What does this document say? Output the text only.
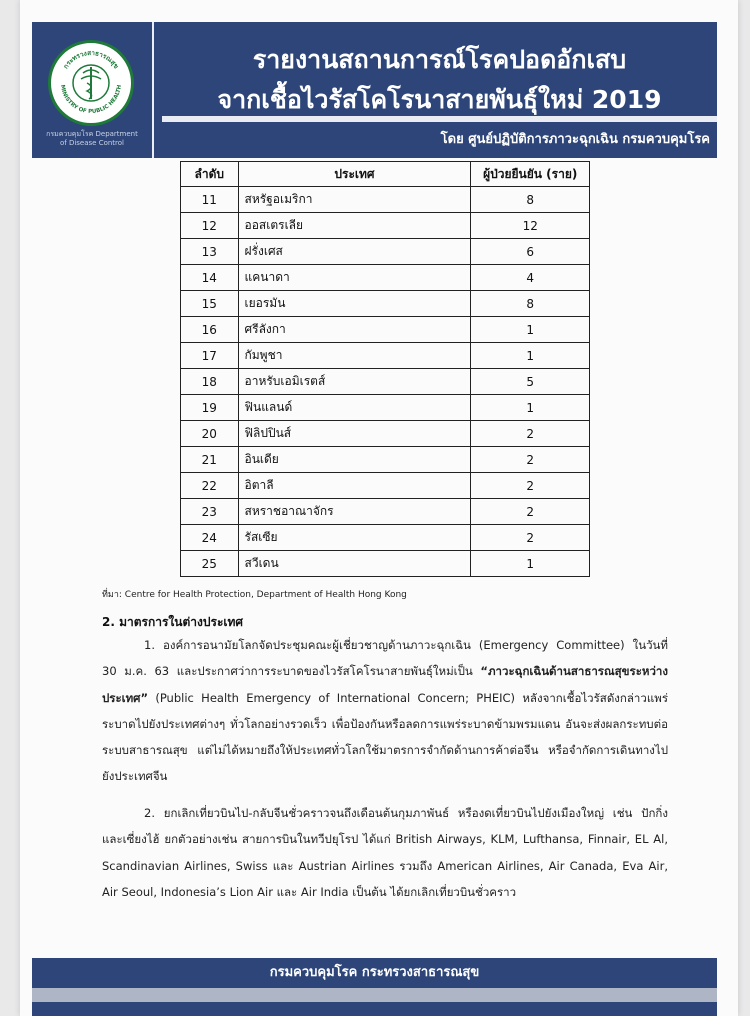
กระทรวงสาธารณสุข
MINISTRY OF PUBLIC HEALTH
กรมควบคุมโรค Department of Disease Control
รายงานสถานการณ์โรคปอดอักเสบ
จากเชื้อไวรัสโคโรนาสายพันธุ์ใหม่ 2019
โดย ศูนย์ปฏิบัติการภาวะฉุกเฉิน กรมควบคุมโรค
ลำดับ	ประเทศ	ผู้ป่วยยืนยัน (ราย)
11	สหรัฐอเมริกา	8
12	ออสเตรเลีย	12
13	ฝรั่งเศส	6
14	แคนาดา	4
15	เยอรมัน	8
16	ศรีลังกา	1
17	กัมพูชา	1
18	อาหรับเอมิเรตส์	5
19	ฟินแลนด์	1
20	ฟิลิปปินส์	2
21	อินเดีย	2
22	อิตาลี	2
23	สหราชอาณาจักร	2
24	รัสเซีย	2
25	สวีเดน	1
ที่มา: Centre for Health Protection, Department of Health Hong Kong
2. มาตรการในต่างประเทศ
1. องค์การอนามัยโลกจัดประชุมคณะผู้เชี่ยวชาญด้านภาวะฉุกเฉิน (Emergency Committee) ในวันที่ 30 ม.ค. 63 และประกาศว่าการระบาดของไวรัสโคโรนาสายพันธุ์ใหม่เป็น “ภาวะฉุกเฉินด้านสาธารณสุขระหว่างประเทศ” (Public Health Emergency of International Concern; PHEIC) หลังจากเชื้อไวรัสดังกล่าวแพร่ระบาดไปยังประเทศต่างๆ ทั่วโลกอย่างรวดเร็ว เพื่อป้องกันหรือลดการแพร่ระบาดข้ามพรมแดน อันจะส่งผลกระทบต่อระบบสาธารณสุข แต่ไม่ได้หมายถึงให้ประเทศทั่วโลกใช้มาตรการจำกัดด้านการค้าต่อจีน หรือจำกัดการเดินทางไปยังประเทศจีน
2. ยกเลิกเที่ยวบินไป-กลับจีนชั่วคราวจนถึงเดือนต้นกุมภาพันธ์ หรืองดเที่ยวบินไปยังเมืองใหญ่ เช่น ปักกิ่งและเซี่ยงไฮ้ ยกตัวอย่างเช่น สายการบินในทวีปยุโรป ได้แก่ British Airways, KLM, Lufthansa, Finnair, EL Al, Scandinavian Airlines, Swiss และ Austrian Airlines รวมถึง American Airlines, Air Canada, Eva Air, Air Seoul, Indonesia’s Lion Air และ Air India เป็นต้น ได้ยกเลิกเที่ยวบินชั่วคราว
กรมควบคุมโรค กระทรวงสาธารณสุข
